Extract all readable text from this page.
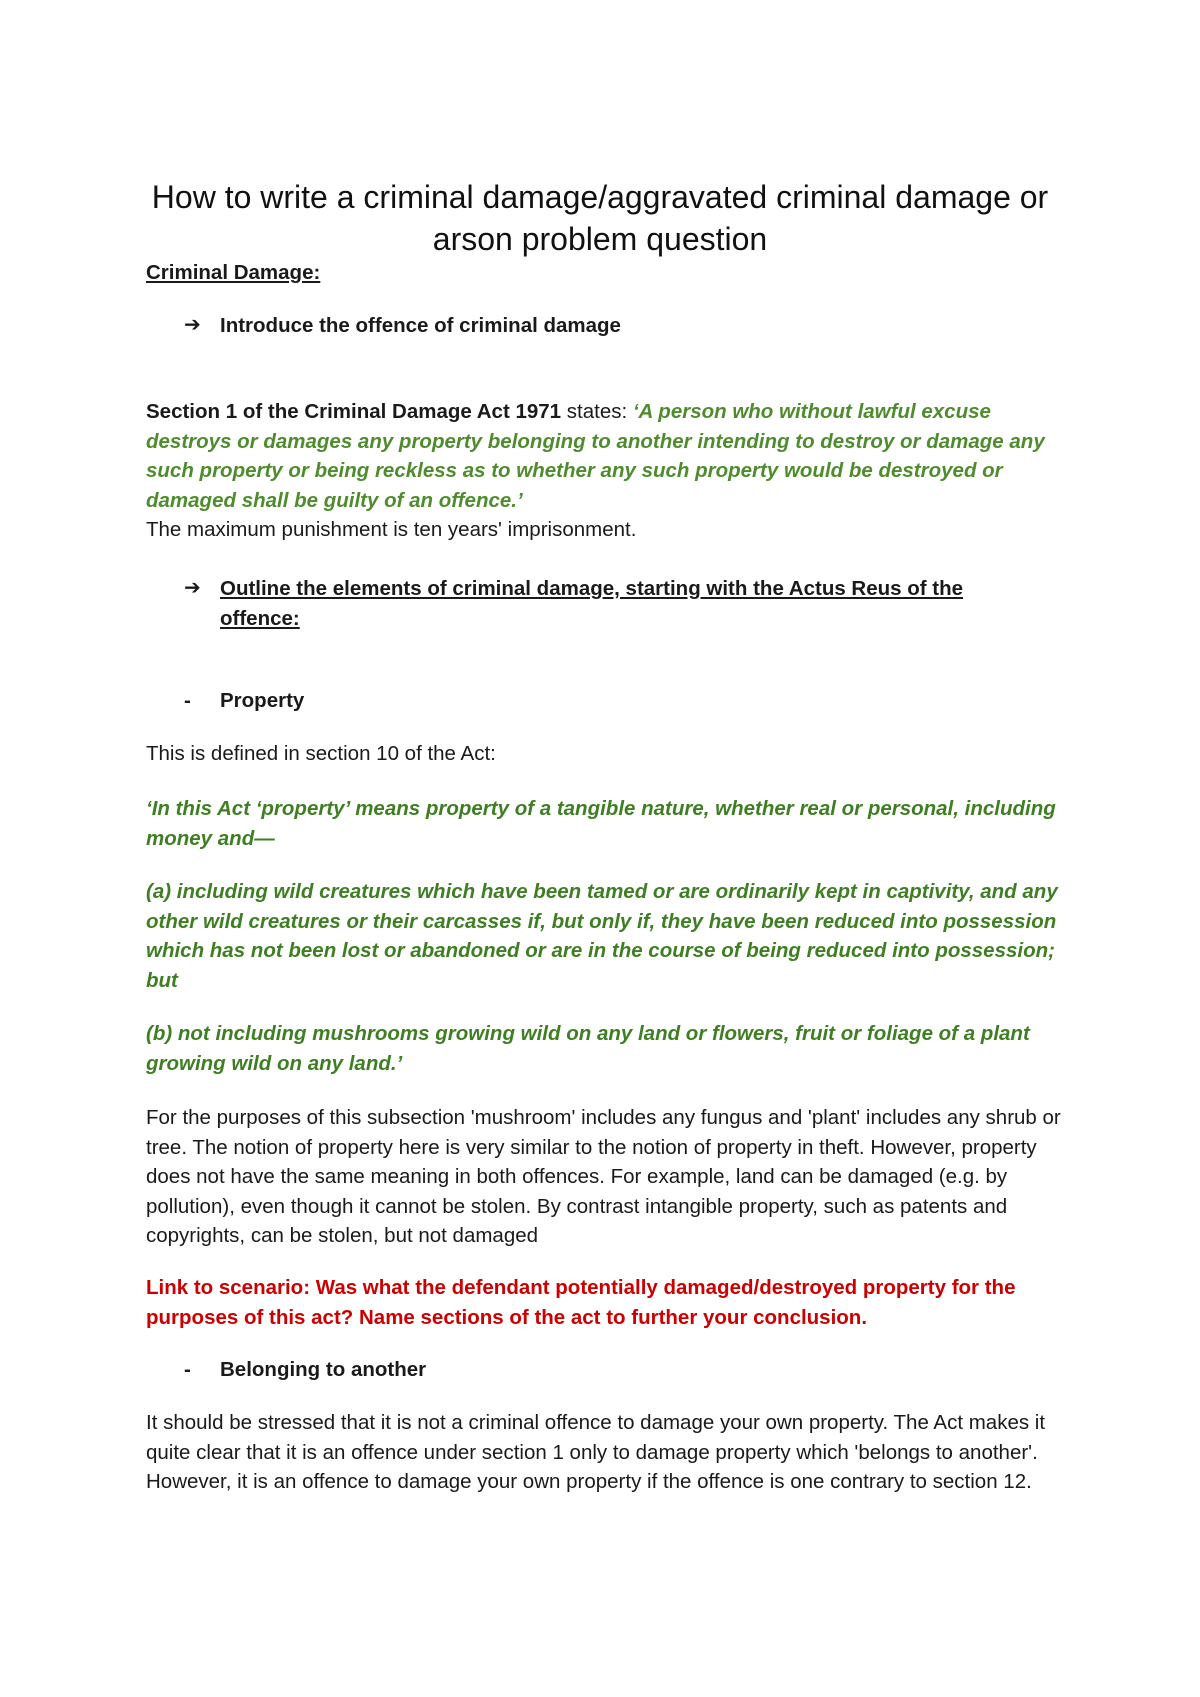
How to write a criminal damage/aggravated criminal damage or arson problem question
Criminal Damage:
➔ Introduce the offence of criminal damage
Section 1 of the Criminal Damage Act 1971 states: ‘A person who without lawful excuse destroys or damages any property belonging to another intending to destroy or damage any such property or being reckless as to whether any such property would be destroyed or damaged shall be guilty of an offence.’
The maximum punishment is ten years' imprisonment.
➔ Outline the elements of criminal damage, starting with the Actus Reus of the offence:
- Property
This is defined in section 10 of the Act:
‘In this Act ‘property’ means property of a tangible nature, whether real or personal, including money and—
(a) including wild creatures which have been tamed or are ordinarily kept in captivity, and any other wild creatures or their carcasses if, but only if, they have been reduced into possession which has not been lost or abandoned or are in the course of being reduced into possession; but
(b) not including mushrooms growing wild on any land or flowers, fruit or foliage of a plant growing wild on any land.’
For the purposes of this subsection 'mushroom' includes any fungus and 'plant' includes any shrub or tree. The notion of property here is very similar to the notion of property in theft. However, property does not have the same meaning in both offences. For example, land can be damaged (e.g. by pollution), even though it cannot be stolen. By contrast intangible property, such as patents and copyrights, can be stolen, but not damaged
Link to scenario: Was what the defendant potentially damaged/destroyed property for the purposes of this act? Name sections of the act to further your conclusion.
- Belonging to another
It should be stressed that it is not a criminal offence to damage your own property. The Act makes it quite clear that it is an offence under section 1 only to damage property which 'belongs to another'. However, it is an offence to damage your own property if the offence is one contrary to section 12.
